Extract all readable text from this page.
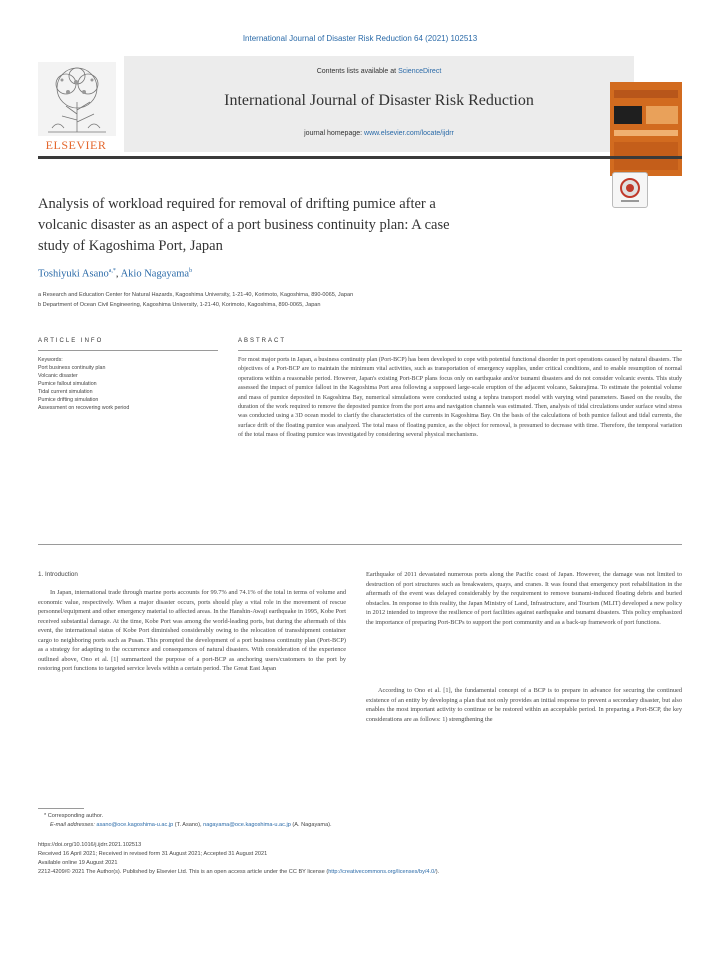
International Journal of Disaster Risk Reduction 64 (2021) 102513
ELSEVIER
Contents lists available at ScienceDirect
International Journal of Disaster Risk Reduction
journal homepage: www.elsevier.com/locate/ijdrr
Analysis of workload required for removal of drifting pumice after a
volcanic disaster as an aspect of a port business continuity plan: A case
study of Kagoshima Port, Japan
Toshiyuki Asano$^{a,*}$, Akio Nagayama$^b$
a Research and Education Center for Natural Hazards, Kagoshima University, 1-21-40, Korimoto, Kagoshima, 890-0065, Japan
b Department of Ocean Civil Engineering, Kagoshima University, 1-21-40, Korimoto, Kagoshima, 890-0065, Japan
ARTICLE INFO	ABSTRACT
Keywords:
Port business continuity plan
Volcanic disaster
Pumice fallout simulation
Tidal current simulation
Pumice drifting simulation
Assessment on recovering work period
For most major ports in Japan, a business continuity plan (Port-BCP) has been developed to cope with potential functional disorder in port operations caused by natural disasters. The objectives of a Port-BCP are to maintain the minimum vital activities, such as transportation of emergency supplies, under critical conditions, and to enable resumption of normal operations within a reasonable period. However, Japan's existing Port-BCP plans focus only on earthquake and/or tsunami disasters and do not consider volcanic events. This study assessed the impact of pumice fallout in the Kagoshima Port area following a supposed large-scale eruption of the adjacent volcano, Sakurajima. To estimate the potential volume and mass of pumice deposited in Kagoshima Bay, numerical simulations were conducted using a tephra transport model with varying wind parameters. Based on the results, the duration of the work required to remove the deposited pumice from the port area and navigation channels was estimated. Then, analysis of tidal circulations under surface wind stress was conducted using a 3D ocean model to clarify the characteristics of the currents in Kagoshima Bay. On the basis of the calculations of both pumice fallout and tidal currents, the surface drift of the floating pumice was analyzed. The total mass of floating pumice, as the object for removal, is presumed to decrease with time. Therefore, the temporal variation of the total mass of floating pumice was investigated by considering several physical mechanisms.
1. Introduction
In Japan, international trade through marine ports accounts for 99.7% and 74.1% of the total in terms of volume and economic value, respectively. When a major disaster occurs, ports should play a vital role in the movement of rescue personnel/equipment and other emergency material to affected areas. In the Hanshin-Awaji earthquake in 1995, Kobe Port received substantial damage. At the time, Kobe Port was among the world-leading ports, but during the aftermath of this event, the international status of Kobe Port diminished considerably owing to the relocation of transshipment container cargo to neighboring ports such as Pusan. This prompted the development of a port business continuity plan (Port-BCP) as a strategy for adapting to the occurrence and consequences of natural disasters. With consideration of the experience outlined above, Ono et al. [1] summarized the purpose of a port-BCP as anchoring users/customers to the port by restoring port functions to targeted service levels within a certain period. The Great East Japan
Earthquake of 2011 devastated numerous ports along the Pacific coast of Japan. However, the damage was not limited to destruction of port structures such as breakwaters, quays, and cranes. It was found that emergency port rehabilitation in the aftermath of the event was delayed considerably by the requirement to remove tsunami-induced floating debris and buried obstacles. In response to this reality, the Japan Ministry of Land, Infrastructure, and Tourism (MLIT) developed a new policy in 2012 intended to improve the resilience of port facilities against earthquake and tsunami disasters. This policy emphasized the importance of preparing Port-BCPs to support the port community and as a back-up framework of port functions.
According to Ono et al. [1], the fundamental concept of a BCP is to prepare in advance for securing the continued existence of an entity by developing a plan that not only provides an initial response to prevent a secondary disaster, but also enables the most important activity to continue or be restored within an acceptable period. In preparing a Port-BCP, the key considerations are as follows: 1) strengthening the
* Corresponding author.
E-mail addresses: asano@oce.kagoshima-u.ac.jp (T. Asano), nagayama@oce.kagoshima-u.ac.jp (A. Nagayama).
https://doi.org/10.1016/j.ijdrr.2021.102513
Received 16 April 2021; Received in revised form 31 August 2021; Accepted 31 August 2021
Available online 19 August 2021
2212-4209/© 2021 The Author(s). Published by Elsevier Ltd. This is an open access article under the CC BY license (http://creativecommons.org/licenses/by/4.0/).
